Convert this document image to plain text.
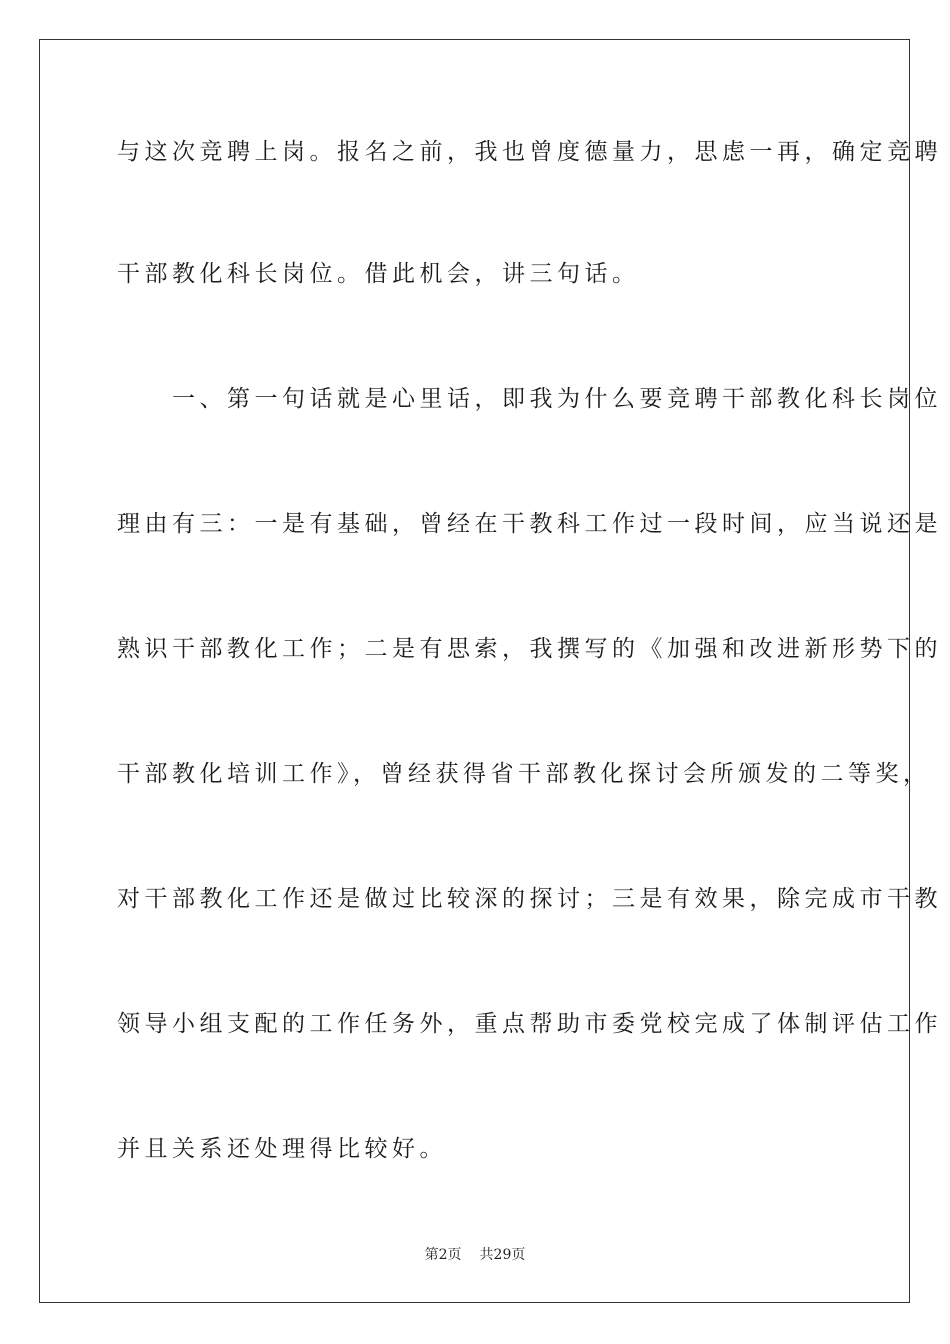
与这次竞聘上岗。报名之前，我也曾度德量力，思虑一再，确定竞聘
干部教化科长岗位。借此机会，讲三句话。
　　一、第一句话就是心里话，即我为什么要竞聘干部教化科长岗位
理由有三：一是有基础，曾经在干教科工作过一段时间，应当说还是
熟识干部教化工作；二是有思索，我撰写的《加强和改进新形势下的
干部教化培训工作》，曾经获得省干部教化探讨会所颁发的二等奖，
对干部教化工作还是做过比较深的探讨；三是有效果，除完成市干教
领导小组支配的工作任务外，重点帮助市委党校完成了体制评估工作
并且关系还处理得比较好。
第2页 共29页
